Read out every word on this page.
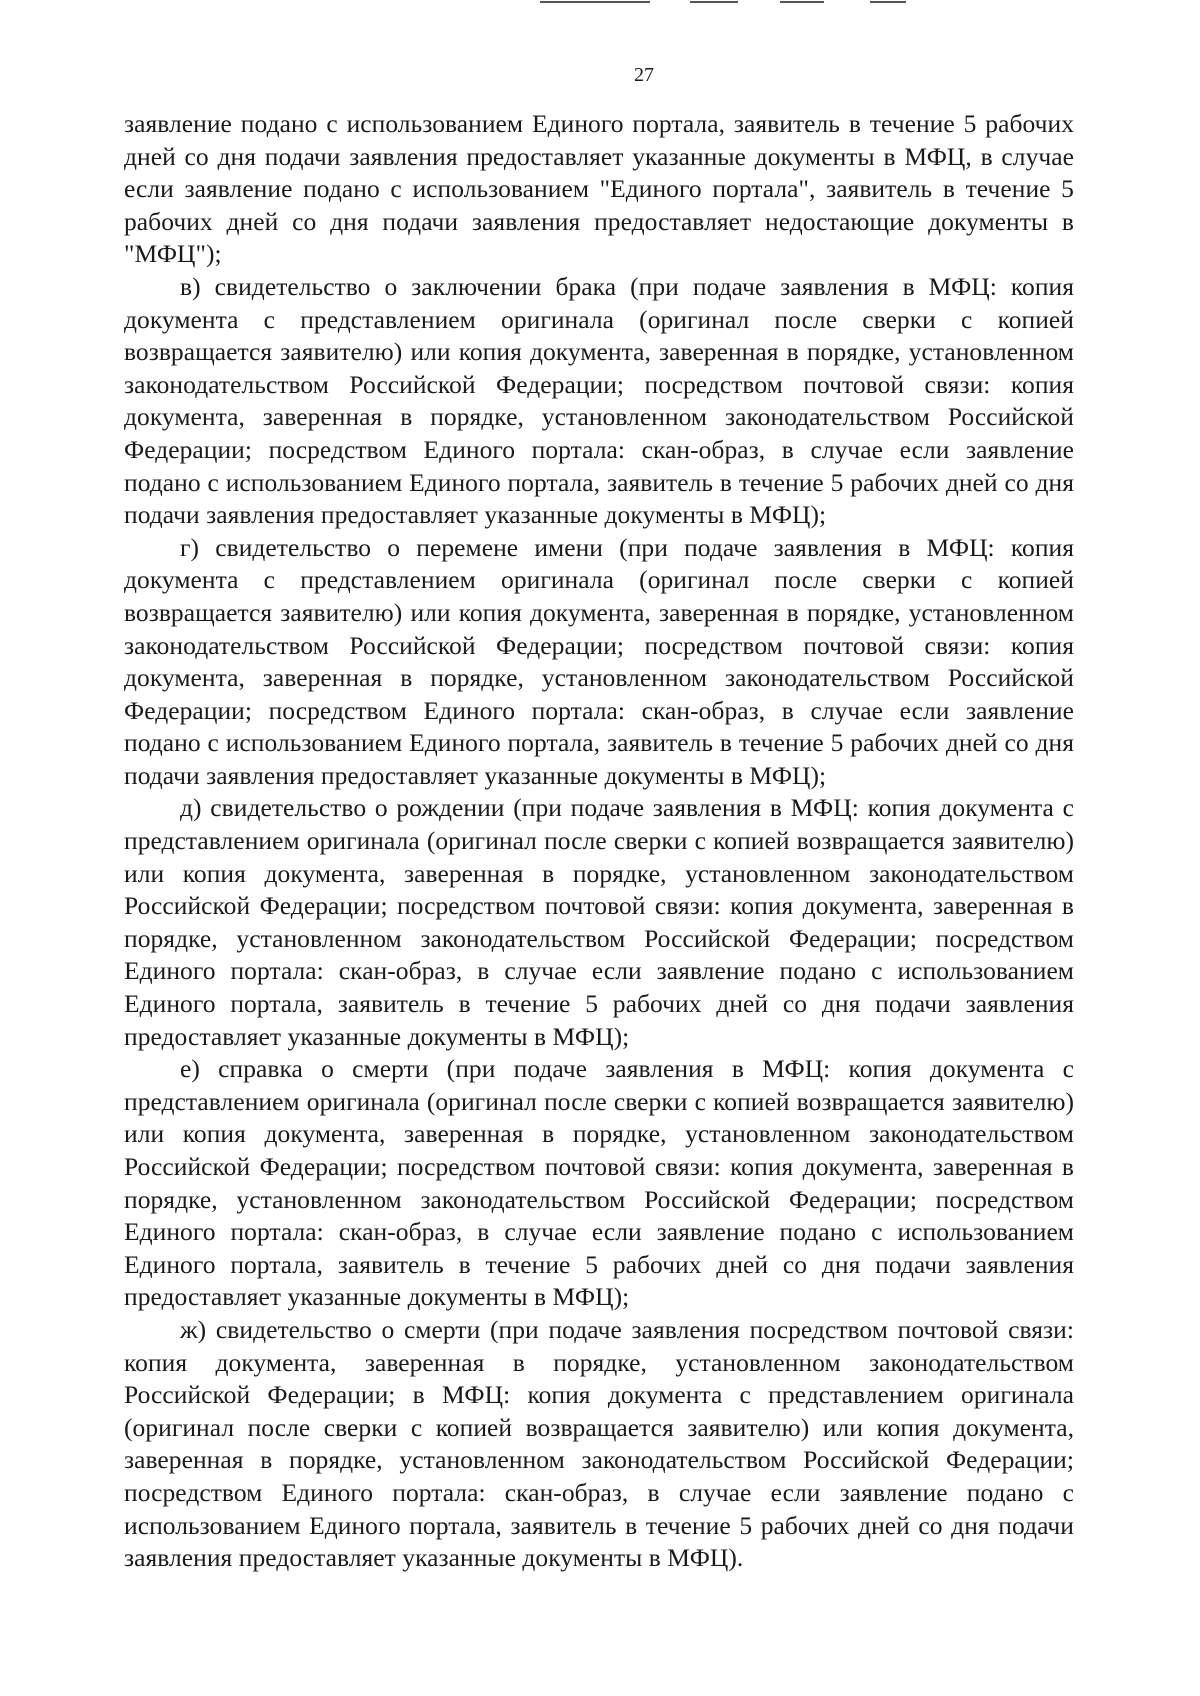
27

заявление подано с использованием Единого портала, заявитель в течение 5 рабочих дней со дня подачи заявления предоставляет указанные документы в МФЦ, в случае если заявление подано с использованием "Единого портала", заявитель в течение 5 рабочих дней со дня подачи заявления предоставляет недостающие документы в "МФЦ");

в) свидетельство о заключении брака (при подаче заявления в МФЦ: копия документа с представлением оригинала (оригинал после сверки с копией возвращается заявителю) или копия документа, заверенная в порядке, установленном законодательством Российской Федерации; посредством почтовой связи: копия документа, заверенная в порядке, установленном законодательством Российской Федерации; посредством Единого портала: скан-образ, в случае если заявление подано с использованием Единого портала, заявитель в течение 5 рабочих дней со дня подачи заявления предоставляет указанные документы в МФЦ);

г) свидетельство о перемене имени (при подаче заявления в МФЦ: копия документа с представлением оригинала (оригинал после сверки с копией возвращается заявителю) или копия документа, заверенная в порядке, установленном законодательством Российской Федерации; посредством почтовой связи: копия документа, заверенная в порядке, установленном законодательством Российской Федерации; посредством Единого портала: скан-образ, в случае если заявление подано с использованием Единого портала, заявитель в течение 5 рабочих дней со дня подачи заявления предоставляет указанные документы в МФЦ);

д) свидетельство о рождении (при подаче заявления в МФЦ: копия документа с представлением оригинала (оригинал после сверки с копией возвращается заявителю) или копия документа, заверенная в порядке, установленном законодательством Российской Федерации; посредством почтовой связи: копия документа, заверенная в порядке, установленном законодательством Российской Федерации; посредством Единого портала: скан-образ, в случае если заявление подано с использованием Единого портала, заявитель в течение 5 рабочих дней со дня подачи заявления предоставляет указанные документы в МФЦ);

е) справка о смерти (при подаче заявления в МФЦ: копия документа с представлением оригинала (оригинал после сверки с копией возвращается заявителю) или копия документа, заверенная в порядке, установленном законодательством Российской Федерации; посредством почтовой связи: копия документа, заверенная в порядке, установленном законодательством Российской Федерации; посредством Единого портала: скан-образ, в случае если заявление подано с использованием Единого портала, заявитель в течение 5 рабочих дней со дня подачи заявления предоставляет указанные документы в МФЦ);

ж) свидетельство о смерти (при подаче заявления посредством почтовой связи: копия документа, заверенная в порядке, установленном законодательством Российской Федерации; в МФЦ: копия документа с представлением оригинала (оригинал после сверки с копией возвращается заявителю) или копия документа, заверенная в порядке, установленном законодательством Российской Федерации; посредством Единого портала: скан-образ, в случае если заявление подано с использованием Единого портала, заявитель в течение 5 рабочих дней со дня подачи заявления предоставляет указанные документы в МФЦ).
